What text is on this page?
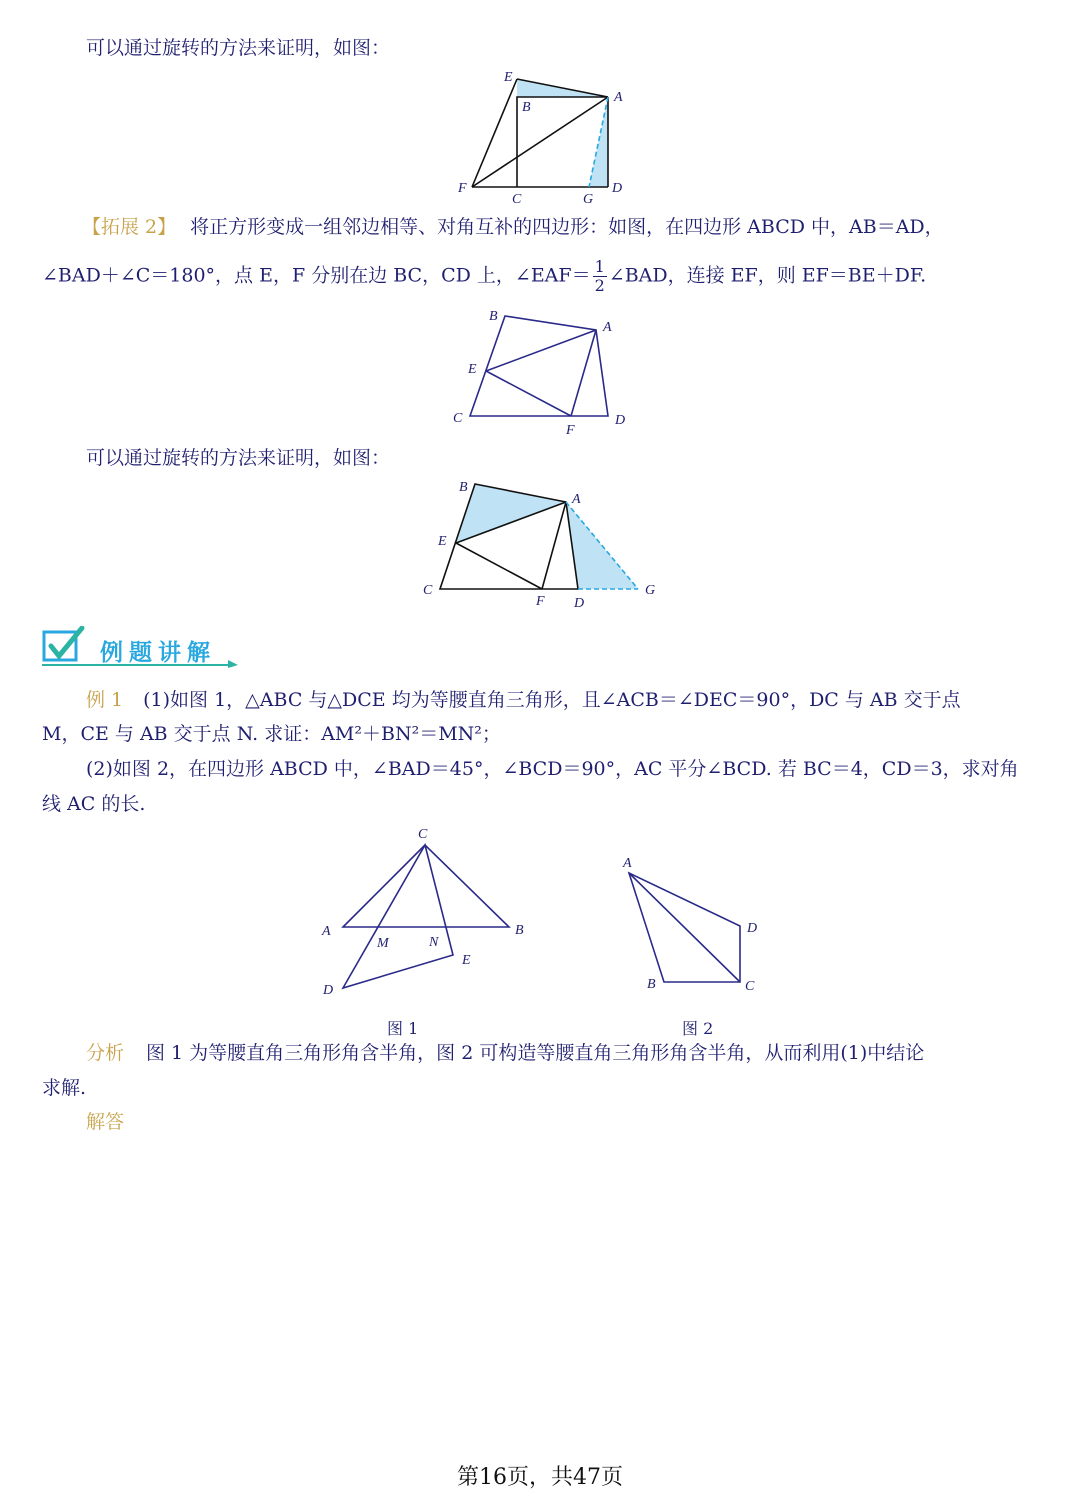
可以通过旋转的方法来证明，如图：
E
B
A
F
C	G
D
【拓展 2】 将正方形变成一组邻边相等、对角互补的四边形：如图，在四边形 ABCD 中，AB＝AD，
∠BAD＋∠C＝180°，点 E，F 分别在边 BC，CD 上，∠EAF＝ $\frac{1}{2}$ ∠BAD，连接 EF，则 EF＝BE＋DF.
B
A
E
C
F
D
可以通过旋转的方法来证明，如图：
B
A
E
C
F D
G
例题讲解
例 1 (1)如图 1，△ABC 与△DCE 均为等腰直角三角形，且∠ACB＝∠DEC＝90°，DC 与 AB 交于点
M，CE 与 AB 交于点 N. 求证：AM²＋BN²＝MN²；
(2)如图 2，在四边形 ABCD 中，∠BAD＝45°，∠BCD＝90°，AC 平分∠BCD. 若 BC＝4，CD＝3，求对角
线 AC 的长.
C
A	B
M	N
E
D
A
D
B	C
图 1	图 2
分析 图 1 为等腰直角三角形角含半角，图 2 可构造等腰直角三角形角含半角，从而利用(1)中结论
求解.
解答
第16页，共47页
